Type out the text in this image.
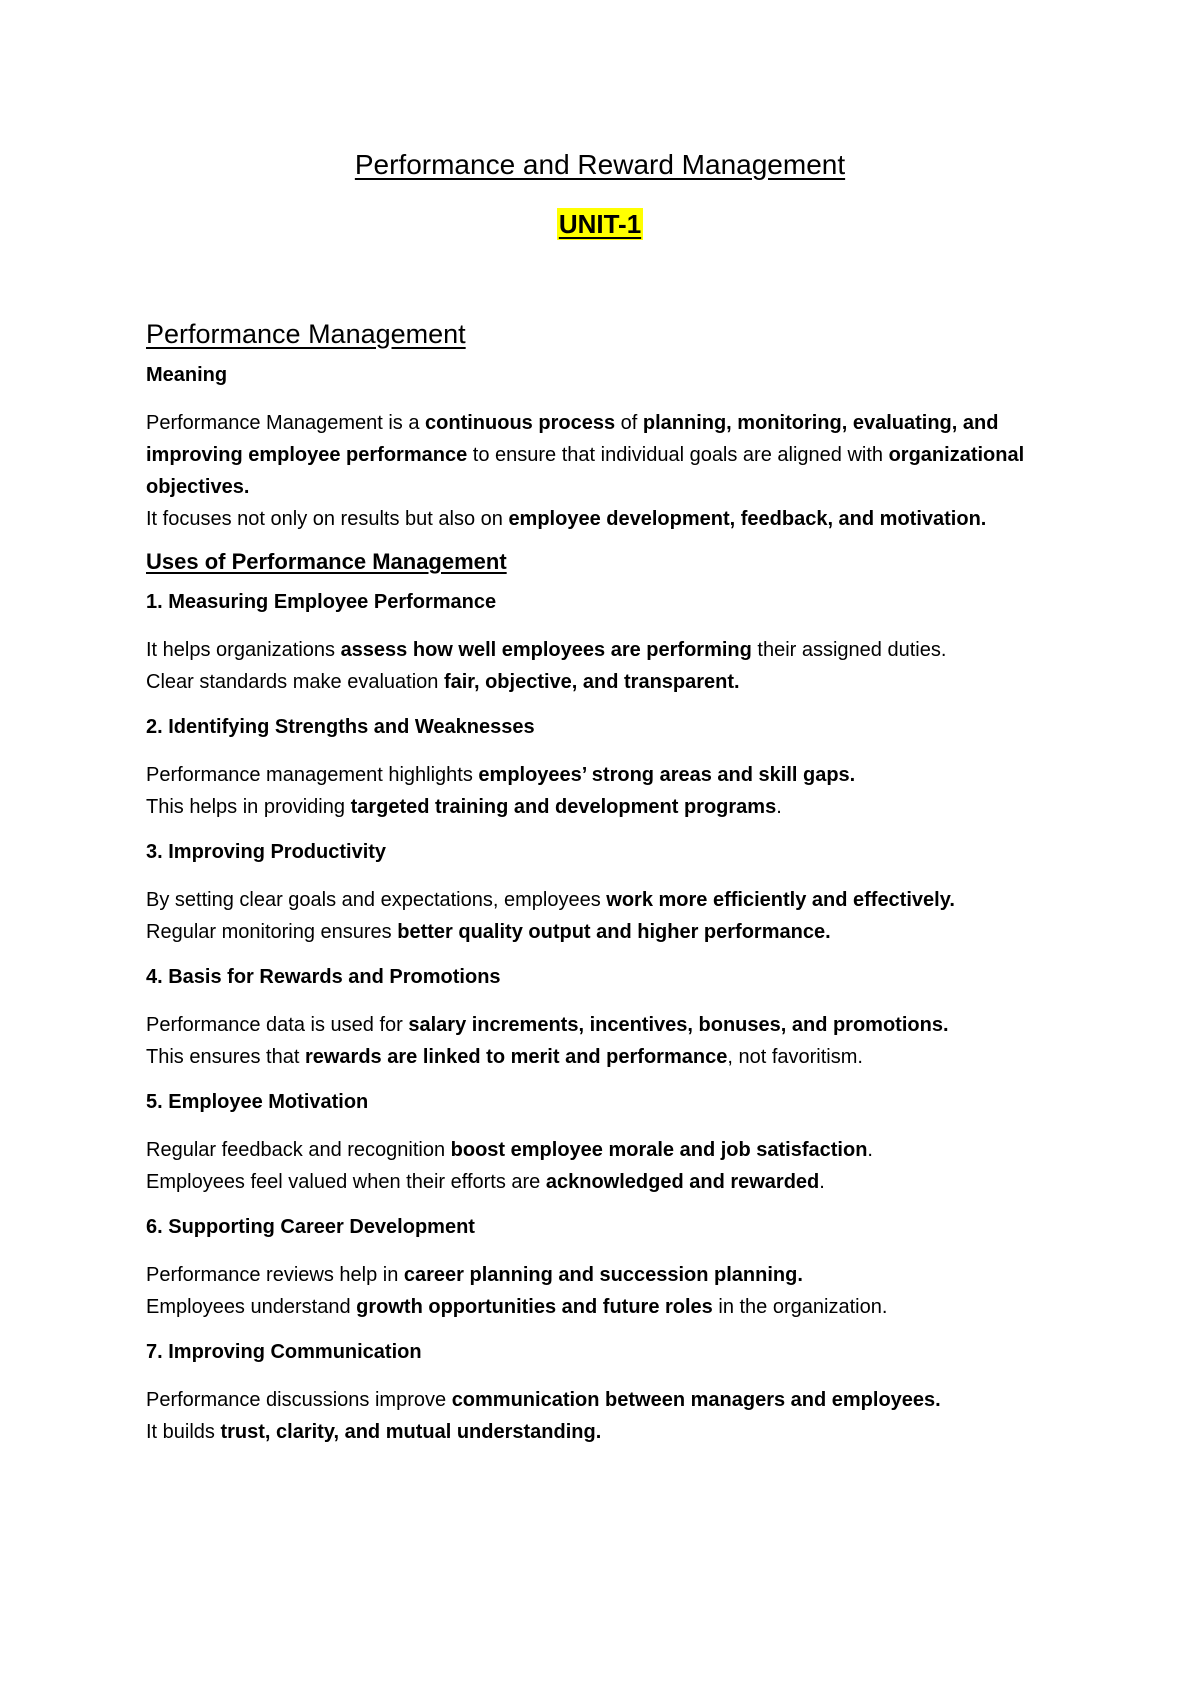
Performance and Reward Management
UNIT-1
Performance Management
Meaning
Performance Management is a continuous process of planning, monitoring, evaluating, and improving employee performance to ensure that individual goals are aligned with organizational objectives.
It focuses not only on results but also on employee development, feedback, and motivation.
Uses of Performance Management
1. Measuring Employee Performance
It helps organizations assess how well employees are performing their assigned duties.
Clear standards make evaluation fair, objective, and transparent.
2. Identifying Strengths and Weaknesses
Performance management highlights employees’ strong areas and skill gaps.
This helps in providing targeted training and development programs.
3. Improving Productivity
By setting clear goals and expectations, employees work more efficiently and effectively.
Regular monitoring ensures better quality output and higher performance.
4. Basis for Rewards and Promotions
Performance data is used for salary increments, incentives, bonuses, and promotions.
This ensures that rewards are linked to merit and performance, not favoritism.
5. Employee Motivation
Regular feedback and recognition boost employee morale and job satisfaction.
Employees feel valued when their efforts are acknowledged and rewarded.
6. Supporting Career Development
Performance reviews help in career planning and succession planning.
Employees understand growth opportunities and future roles in the organization.
7. Improving Communication
Performance discussions improve communication between managers and employees.
It builds trust, clarity, and mutual understanding.
